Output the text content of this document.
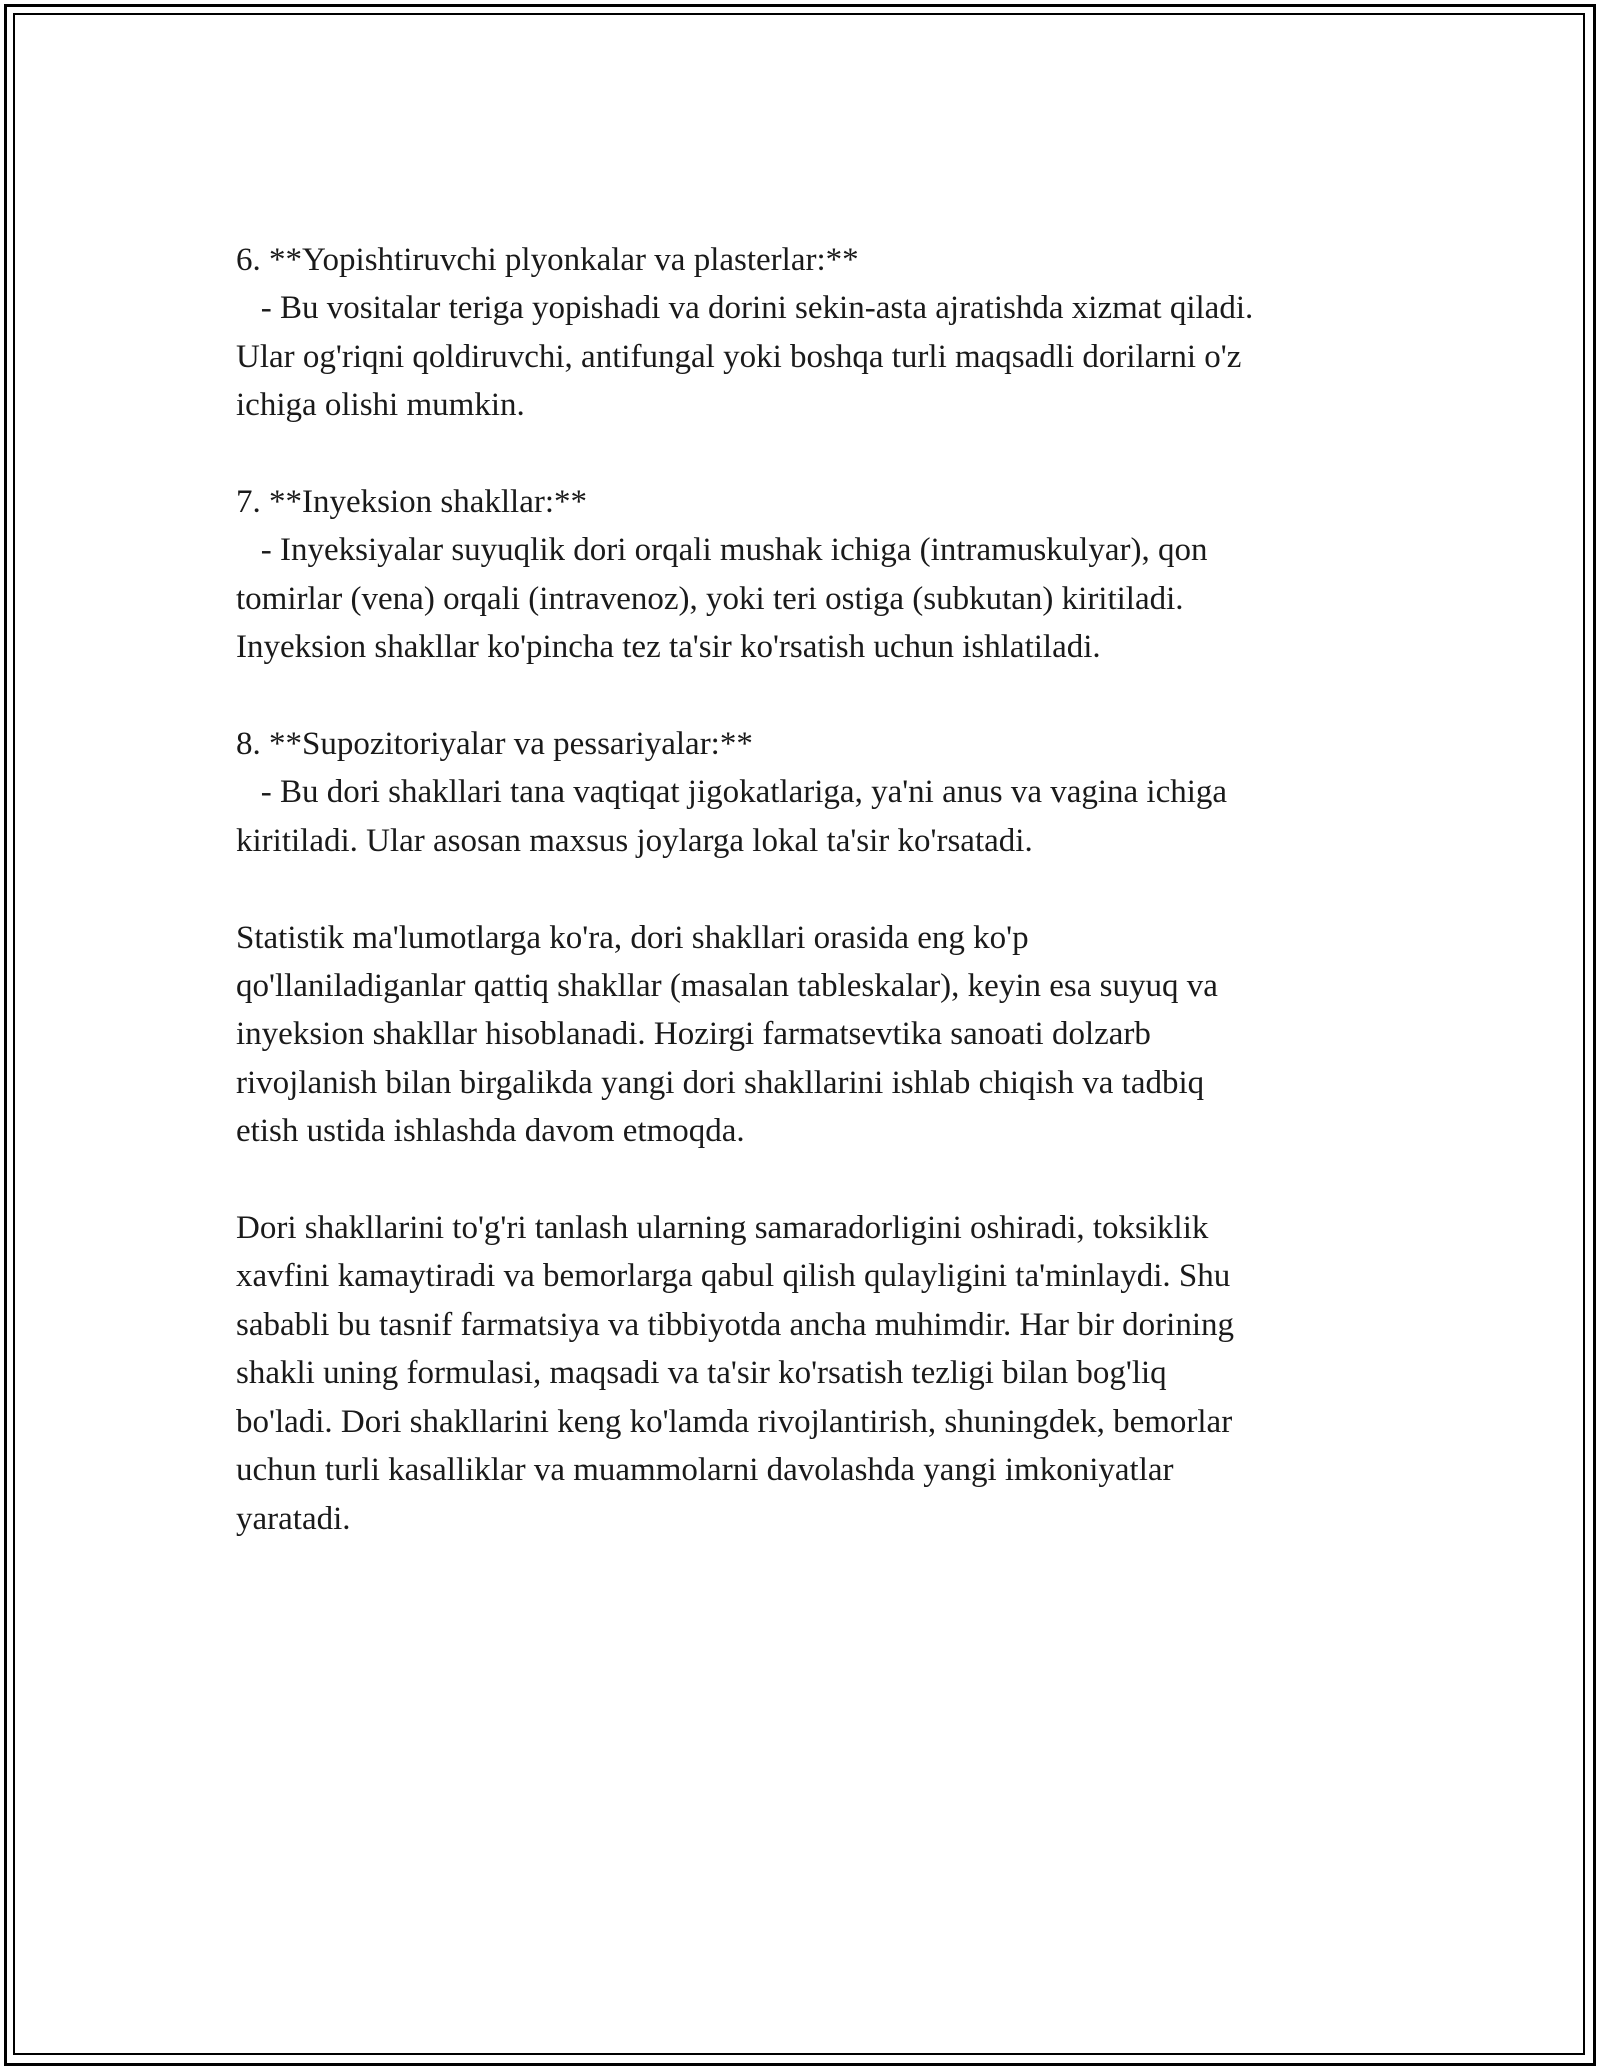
6. **Yopishtiruvchi plyonkalar va plasterlar:**
- Bu vositalar teriga yopishadi va dorini sekin-asta ajratishda xizmat qiladi.
Ular og'riqni qoldiruvchi, antifungal yoki boshqa turli maqsadli dorilarni o'z
ichiga olishi mumkin.
7. **Inyeksion shakllar:**
- Inyeksiyalar suyuqlik dori orqali mushak ichiga (intramuskulyar), qon
tomirlar (vena) orqali (intravenoz), yoki teri ostiga (subkutan) kiritiladi.
Inyeksion shakllar ko'pincha tez ta'sir ko'rsatish uchun ishlatiladi.
8. **Supozitoriyalar va pessariyalar:**
- Bu dori shakllari tana vaqtiqat jigokatlariga, ya'ni anus va vagina ichiga
kiritiladi. Ular asosan maxsus joylarga lokal ta'sir ko'rsatadi.
Statistik ma'lumotlarga ko'ra, dori shakllari orasida eng ko'p
qo'llaniladiganlar qattiq shakllar (masalan tableskalar), keyin esa suyuq va
inyeksion shakllar hisoblanadi. Hozirgi farmatsevtika sanoati dolzarb
rivojlanish bilan birgalikda yangi dori shakllarini ishlab chiqish va tadbiq
etish ustida ishlashda davom etmoqda.
Dori shakllarini to'g'ri tanlash ularning samaradorligini oshiradi, toksiklik
xavfini kamaytiradi va bemorlarga qabul qilish qulayligini ta'minlaydi. Shu
sababli bu tasnif farmatsiya va tibbiyotda ancha muhimdir. Har bir dorining
shakli uning formulasi, maqsadi va ta'sir ko'rsatish tezligi bilan bog'liq
bo'ladi. Dori shakllarini keng ko'lamda rivojlantirish, shuningdek, bemorlar
uchun turli kasalliklar va muammolarni davolashda yangi imkoniyatlar
yaratadi.
